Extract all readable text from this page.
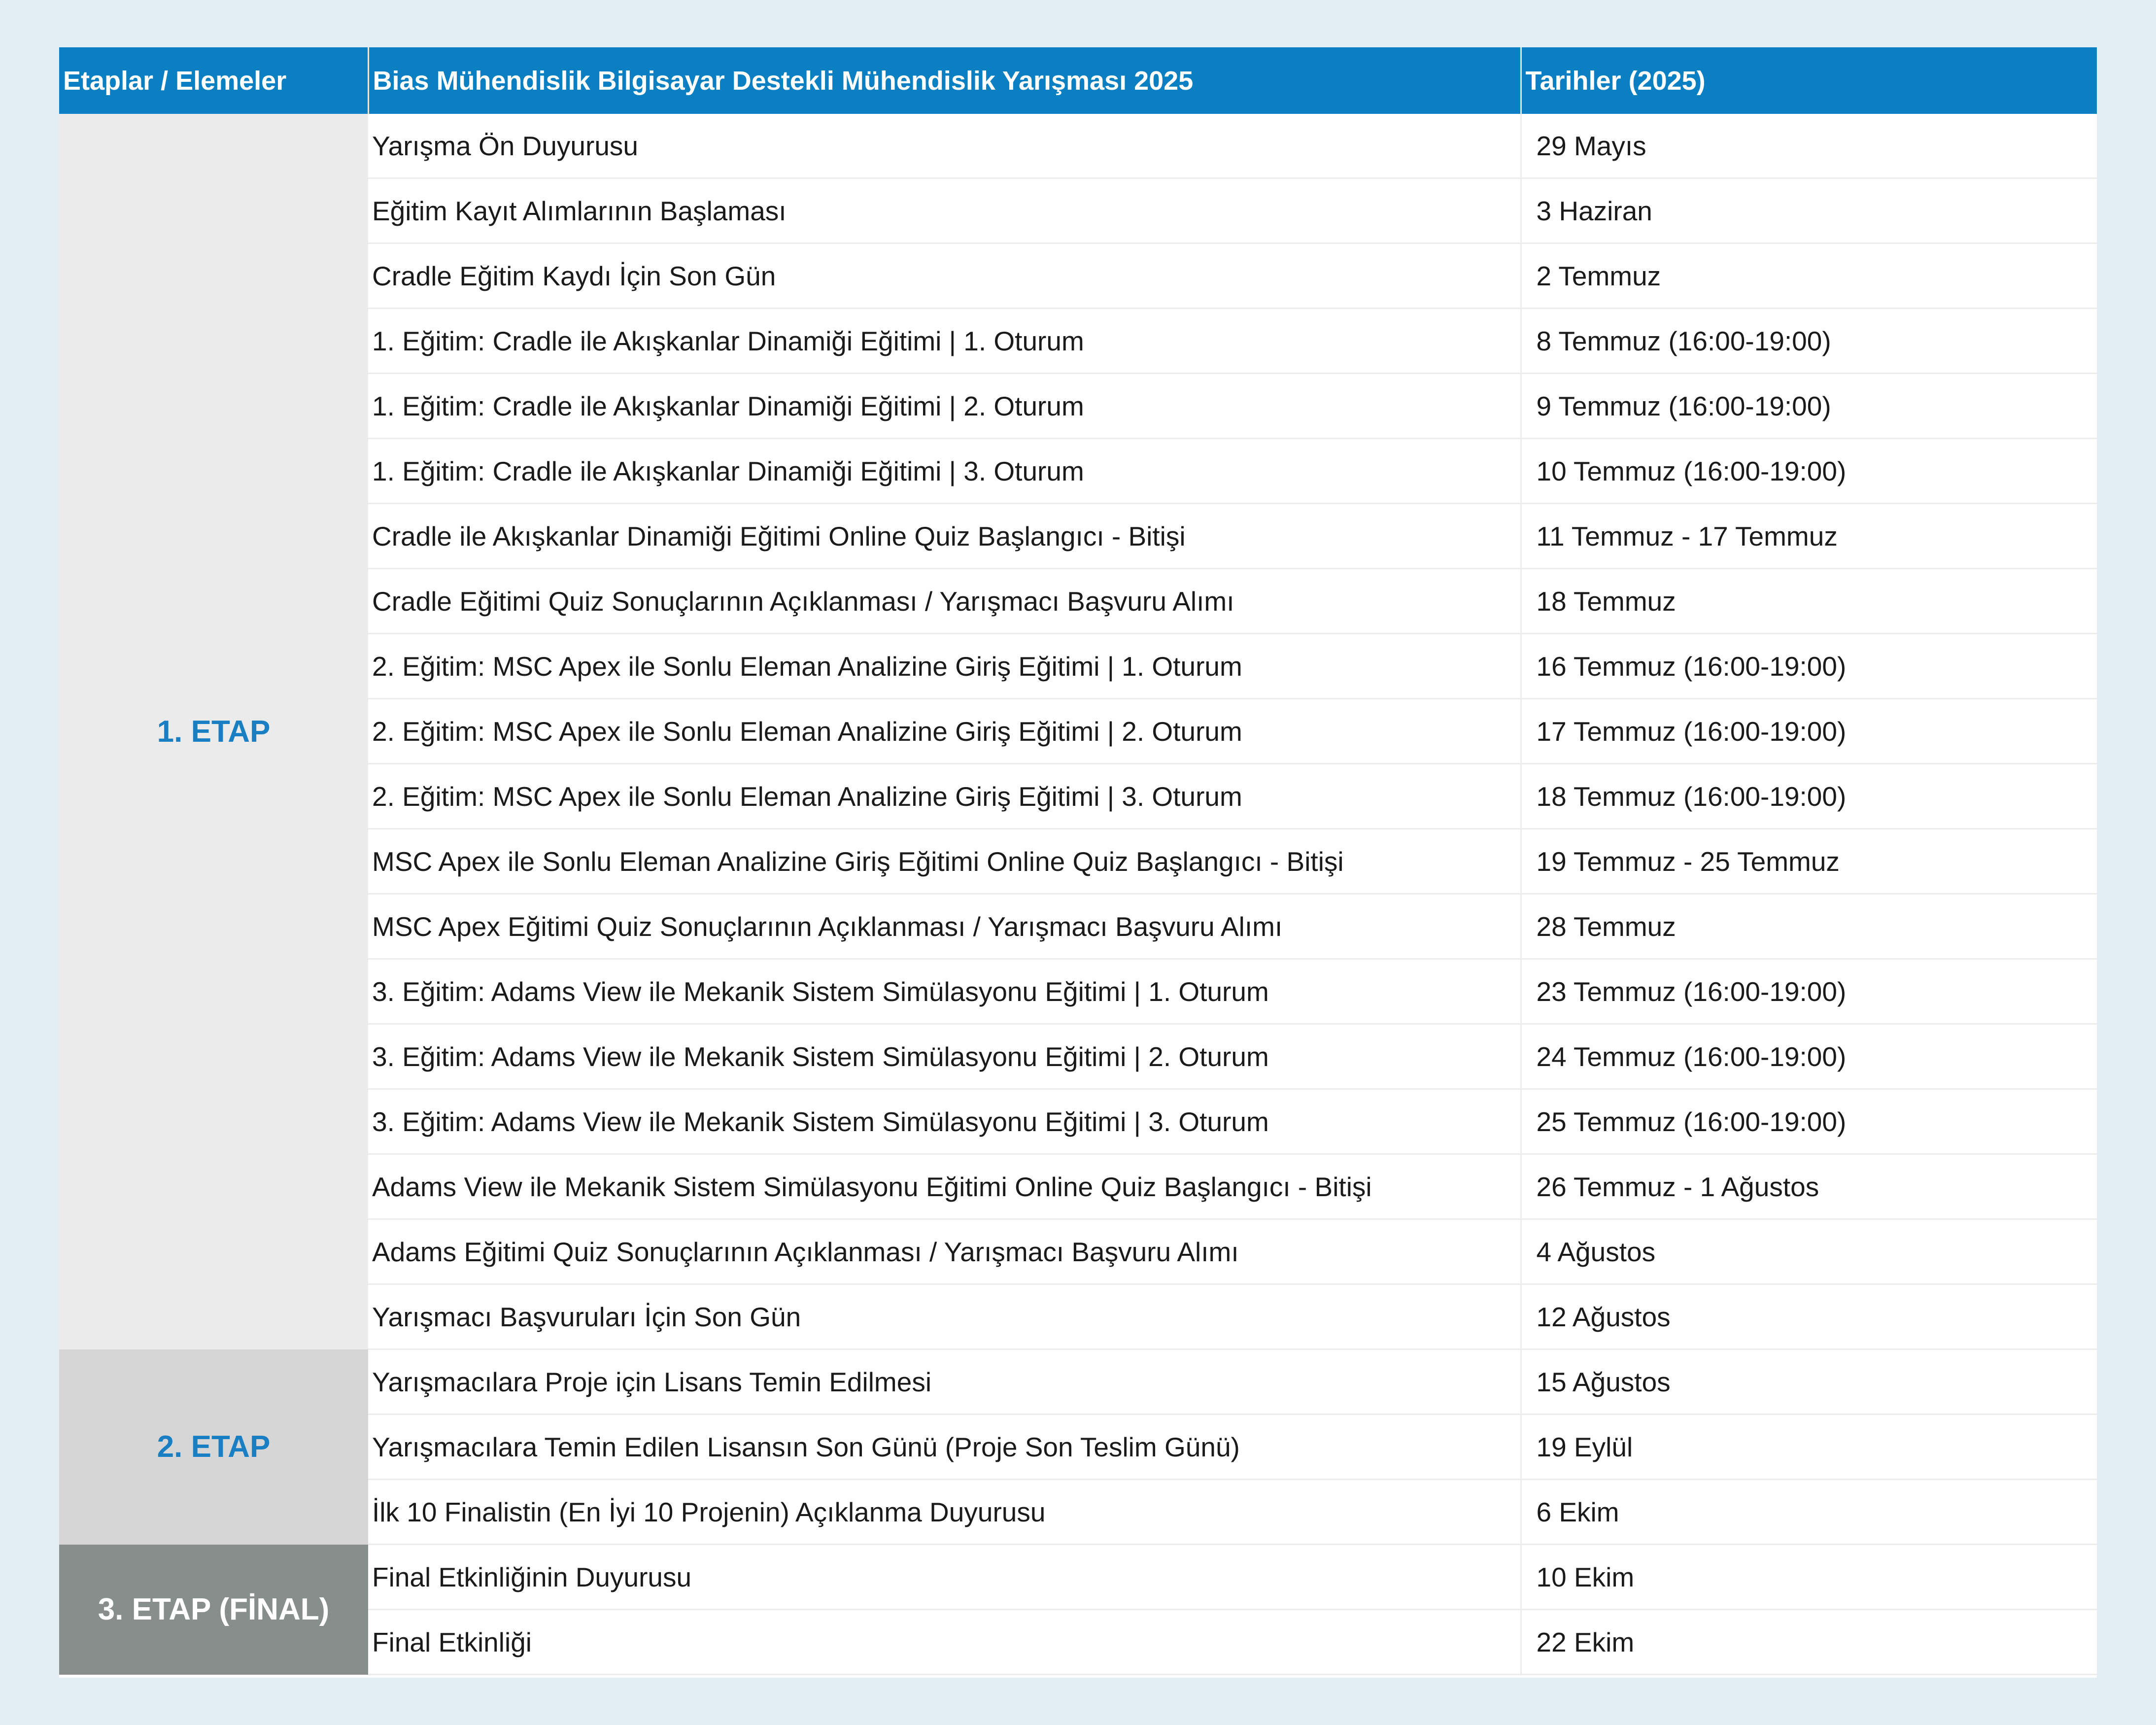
Etaplar / Elemeler	Bias Mühendislik Bilgisayar Destekli Mühendislik Yarışması 2025	Tarihler (2025)
1. ETAP	Yarışma Ön Duyurusu	29 Mayıs
	Eğitim Kayıt Alımlarının Başlaması	3 Haziran
	Cradle Eğitim Kaydı İçin Son Gün	2 Temmuz
	1. Eğitim: Cradle ile Akışkanlar Dinamiği Eğitimi | 1. Oturum	8 Temmuz (16:00-19:00)
	1. Eğitim: Cradle ile Akışkanlar Dinamiği Eğitimi | 2. Oturum	9 Temmuz (16:00-19:00)
	1. Eğitim: Cradle ile Akışkanlar Dinamiği Eğitimi | 3. Oturum	10 Temmuz (16:00-19:00)
	Cradle ile Akışkanlar Dinamiği Eğitimi Online Quiz Başlangıcı - Bitişi	11 Temmuz - 17 Temmuz
	Cradle Eğitimi Quiz Sonuçlarının Açıklanması / Yarışmacı Başvuru Alımı	18 Temmuz
	2. Eğitim: MSC Apex ile Sonlu Eleman Analizine Giriş Eğitimi | 1. Oturum	16 Temmuz (16:00-19:00)
	2. Eğitim: MSC Apex ile Sonlu Eleman Analizine Giriş Eğitimi | 2. Oturum	17 Temmuz (16:00-19:00)
	2. Eğitim: MSC Apex ile Sonlu Eleman Analizine Giriş Eğitimi | 3. Oturum	18 Temmuz (16:00-19:00)
	MSC Apex ile Sonlu Eleman Analizine Giriş Eğitimi Online Quiz Başlangıcı - Bitişi	19 Temmuz - 25 Temmuz
	MSC Apex Eğitimi Quiz Sonuçlarının Açıklanması / Yarışmacı Başvuru Alımı	28 Temmuz
	3. Eğitim: Adams View ile Mekanik Sistem Simülasyonu Eğitimi | 1. Oturum	23 Temmuz (16:00-19:00)
	3. Eğitim: Adams View ile Mekanik Sistem Simülasyonu Eğitimi | 2. Oturum	24 Temmuz (16:00-19:00)
	3. Eğitim: Adams View ile Mekanik Sistem Simülasyonu Eğitimi | 3. Oturum	25 Temmuz (16:00-19:00)
	Adams View ile Mekanik Sistem Simülasyonu Eğitimi Online Quiz Başlangıcı - Bitişi	26 Temmuz - 1 Ağustos
	Adams Eğitimi Quiz Sonuçlarının Açıklanması / Yarışmacı Başvuru Alımı	4 Ağustos
	Yarışmacı Başvuruları İçin Son Gün	12 Ağustos
2. ETAP	Yarışmacılara Proje için Lisans Temin Edilmesi	15 Ağustos
	Yarışmacılara Temin Edilen Lisansın Son Günü (Proje Son Teslim Günü)	19 Eylül
	İlk 10 Finalistin (En İyi 10 Projenin) Açıklanma Duyurusu	6 Ekim
3. ETAP (FİNAL)	Final Etkinliğinin Duyurusu	10 Ekim
	Final Etkinliği	22 Ekim
